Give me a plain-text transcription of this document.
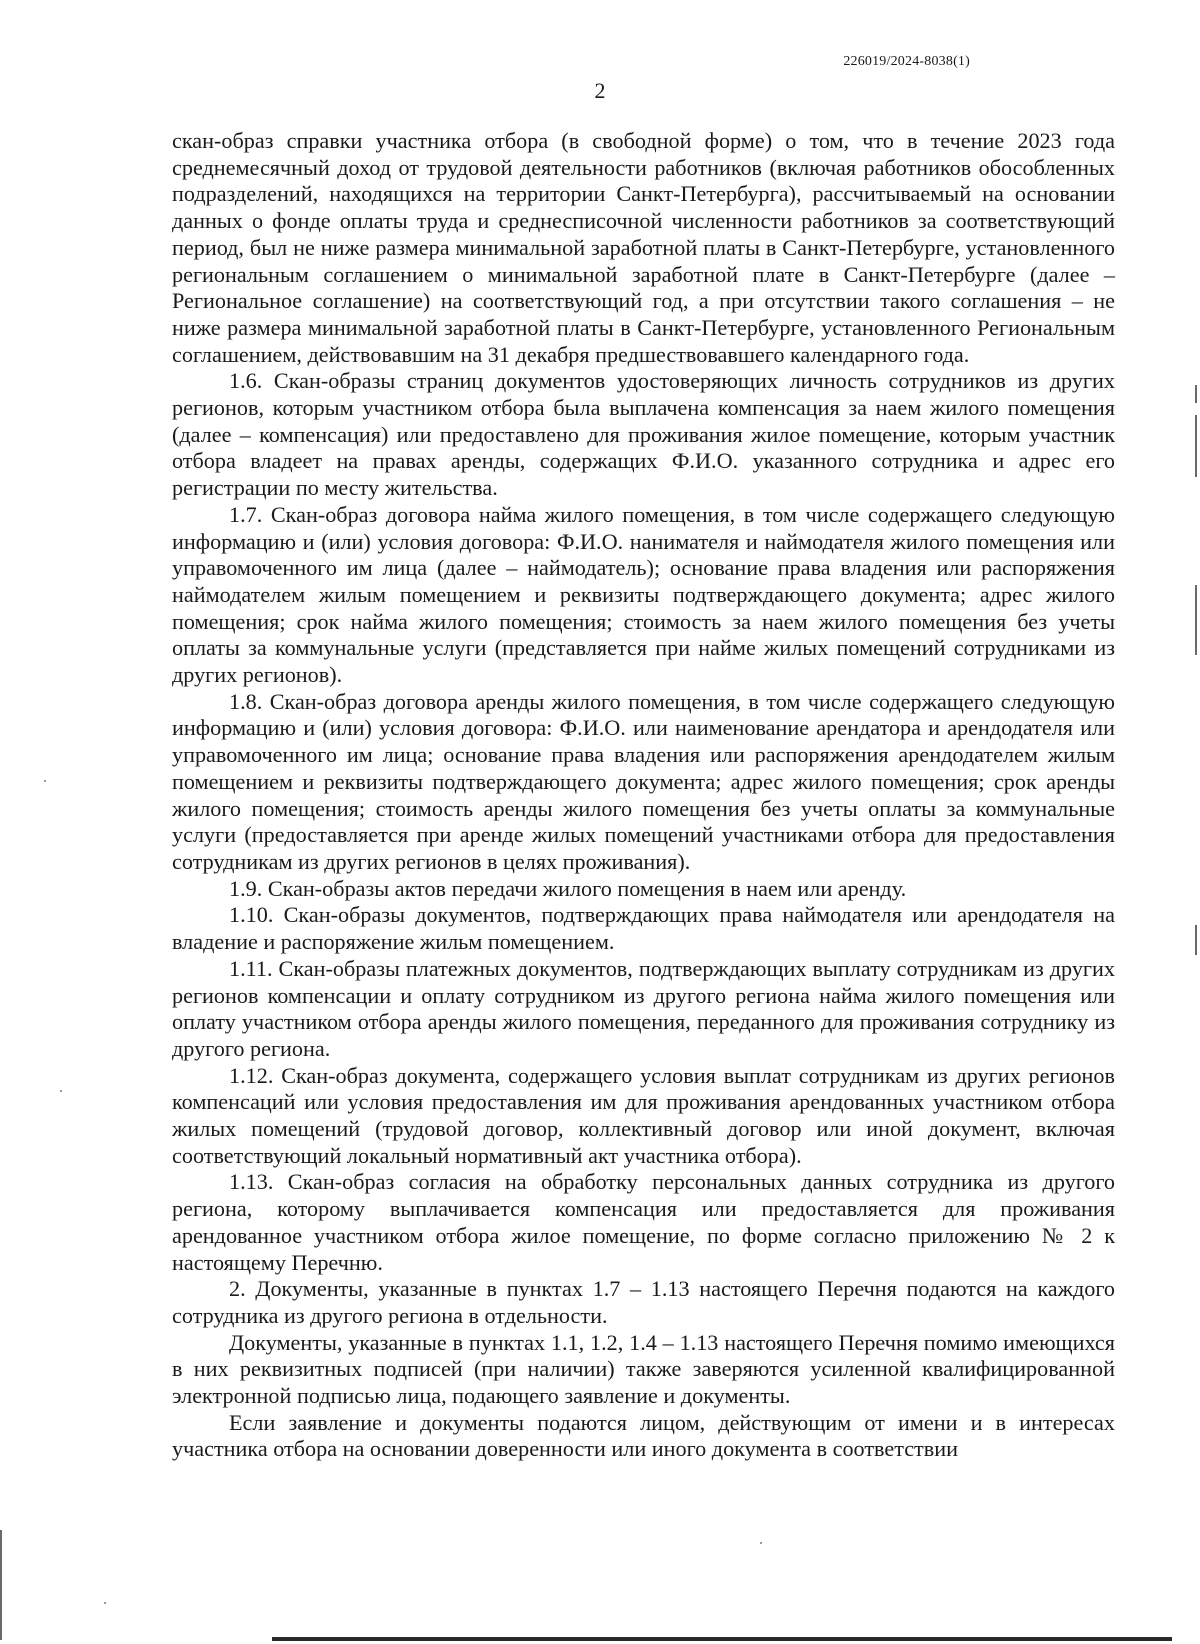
226019/2024-8038(1)
2

скан-образ справки участника отбора (в свободной форме) о том, что в течение 2023 года среднемесячный доход от трудовой деятельности работников (включая работников обособленных подразделений, находящихся на территории Санкт-Петербурга), рассчитываемый на основании данных о фонде оплаты труда и среднесписочной численности работников за соответствующий период, был не ниже размера минимальной заработной платы в Санкт-Петербурге, установленного региональным соглашением о минимальной заработной плате в Санкт-Петербурге (далее – Региональное соглашение) на соответствующий год, а при отсутствии такого соглашения – не ниже размера минимальной заработной платы в Санкт-Петербурге, установленного Региональным соглашением, действовавшим на 31 декабря предшествовавшего календарного года.

1.6. Скан-образы страниц документов удостоверяющих личность сотрудников из других регионов, которым участником отбора была выплачена компенсация за наем жилого помещения (далее – компенсация) или предоставлено для проживания жилое помещение, которым участник отбора владеет на правах аренды, содержащих Ф.И.О. указанного сотрудника и адрес его регистрации по месту жительства.

1.7. Скан-образ договора найма жилого помещения, в том числе содержащего следующую информацию и (или) условия договора: Ф.И.О. нанимателя и наймодателя жилого помещения или управомоченного им лица (далее – наймодатель); основание права владения или распоряжения наймодателем жилым помещением и реквизиты подтверждающего документа; адрес жилого помещения; срок найма жилого помещения; стоимость за наем жилого помещения без учеты оплаты за коммунальные услуги (представляется при найме жилых помещений сотрудниками из других регионов).

1.8. Скан-образ договора аренды жилого помещения, в том числе содержащего следующую информацию и (или) условия договора: Ф.И.О. или наименование арендатора и арендодателя или управомоченного им лица; основание права владения или распоряжения арендодателем жилым помещением и реквизиты подтверждающего документа; адрес жилого помещения; срок аренды жилого помещения; стоимость аренды жилого помещения без учеты оплаты за коммунальные услуги (предоставляется при аренде жилых помещений участниками отбора для предоставления сотрудникам из других регионов в целях проживания).

1.9. Скан-образы актов передачи жилого помещения в наем или аренду.

1.10. Скан-образы документов, подтверждающих права наймодателя или арендодателя на владение и распоряжение жильм помещением.

1.11. Скан-образы платежных документов, подтверждающих выплату сотрудникам из других регионов компенсации и оплату сотрудником из другого региона найма жилого помещения или оплату участником отбора аренды жилого помещения, переданного для проживания сотруднику из другого региона.

1.12. Скан-образ документа, содержащего условия выплат сотрудникам из других регионов компенсаций или условия предоставления им для проживания арендованных участником отбора жилых помещений (трудовой договор, коллективный договор или иной документ, включая соответствующий локальный нормативный акт участника отбора).

1.13. Скан-образ согласия на обработку персональных данных сотрудника из другого региона, которому выплачивается компенсация или предоставляется для проживания арендованное участником отбора жилое помещение, по форме согласно приложению № 2 к настоящему Перечню.

2. Документы, указанные в пунктах 1.7 – 1.13 настоящего Перечня подаются на каждого сотрудника из другого региона в отдельности.

Документы, указанные в пунктах 1.1, 1.2, 1.4 – 1.13 настоящего Перечня помимо имеющихся в них реквизитных подписей (при наличии) также заверяются усиленной квалифицированной электронной подписью лица, подающего заявление и документы.

Если заявление и документы подаются лицом, действующим от имени и в интересах участника отбора на основании доверенности или иного документа в соответствии
